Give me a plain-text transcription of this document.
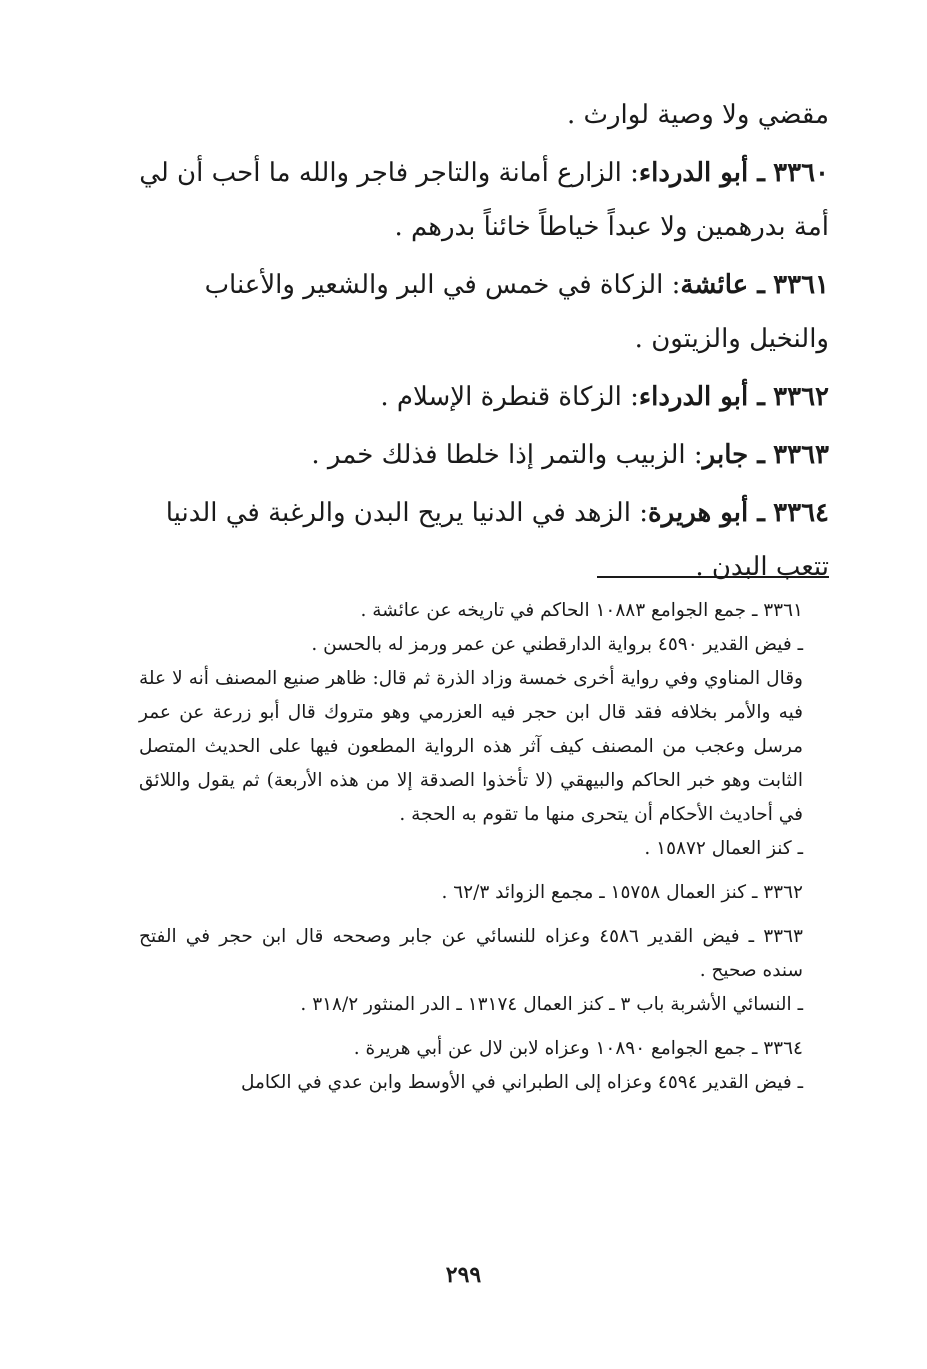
مقضي ولا وصية لوارث .

٣٣٦٠ ـ أبو الدرداء: الزارع أمانة والتاجر فاجر والله ما أحب أن لي أمة بدرهمين ولا عبداً خياطاً خائناً بدرهم .

٣٣٦١ ـ عائشة: الزكاة في خمس في البر والشعير والأعناب والنخيل والزيتون .

٣٣٦٢ ـ أبو الدرداء: الزكاة قنطرة الإسلام .

٣٣٦٣ ـ جابر: الزبيب والتمر إذا خلطا فذلك خمر .

٣٣٦٤ ـ أبو هريرة: الزهد في الدنيا يريح البدن والرغبة في الدنيا تتعب البدن .

٣٣٦١ ـ جمع الجوامع ١٠٨٨٣ الحاكم في تاريخه عن عائشة .

ـ فيض القدير ٤٥٩٠ برواية الدارقطني عن عمر ورمز له بالحسن .

وقال المناوي وفي رواية أخرى خمسة وزاد الذرة ثم قال: ظاهر صنيع المصنف أنه لا علة فيه والأمر بخلافه فقد قال ابن حجر فيه العزرمي وهو متروك قال أبو زرعة عن عمر مرسل وعجب من المصنف كيف آثر هذه الرواية المطعون فيها على الحديث المتصل الثابت وهو خبر الحاكم والبيهقي (لا تأخذوا الصدقة إلا من هذه الأربعة) ثم يقول واللائق في أحاديث الأحكام أن يتحرى منها ما تقوم به الحجة .

ـ كنز العمال ١٥٨٧٢ .

٣٣٦٢ ـ كنز العمال ١٥٧٥٨ ـ مجمع الزوائد ٦٢/٣ .

٣٣٦٣ ـ فيض القدير ٤٥٨٦ وعزاه للنسائي عن جابر وصححه قال ابن حجر في الفتح سنده صحيح .

ـ النسائي الأشربة باب ٣ ـ كنز العمال ١٣١٧٤ ـ الدر المنثور ٣١٨/٢ .

٣٣٦٤ ـ جمع الجوامع ١٠٨٩٠ وعزاه لابن لال عن أبي هريرة .

ـ فيض القدير ٤٥٩٤ وعزاه إلى الطبراني في الأوسط وابن عدي في الكامل

٢٩٩
